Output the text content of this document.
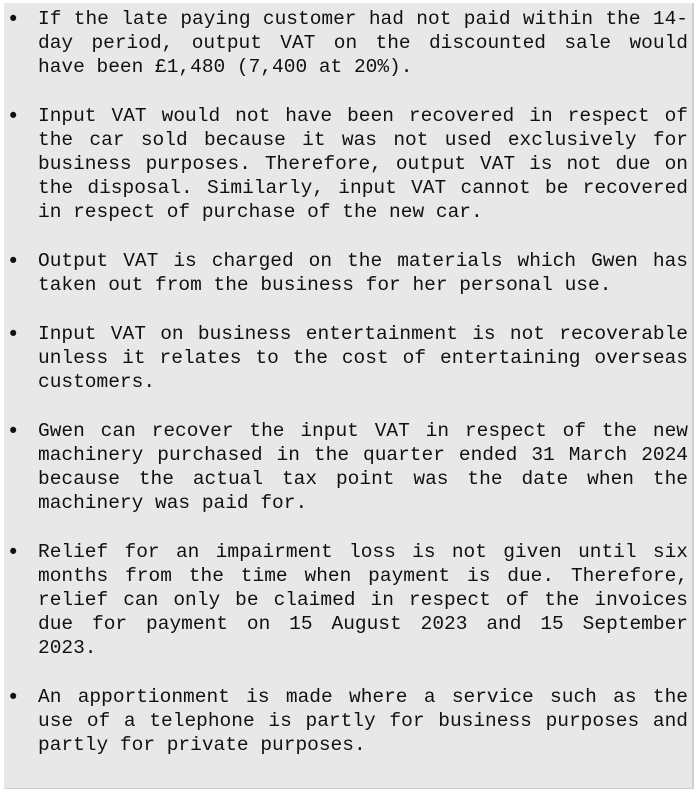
• If the late paying customer had not paid within the 14-day period, output VAT on the discounted sale would have been £1,480 (7,400 at 20%).
• Input VAT would not have been recovered in respect of the car sold because it was not used exclusively for business purposes. Therefore, output VAT is not due on the disposal. Similarly, input VAT cannot be recovered in respect of purchase of the new car.
• Output VAT is charged on the materials which Gwen has taken out from the business for her personal use.
• Input VAT on business entertainment is not recoverable unless it relates to the cost of entertaining overseas customers.
• Gwen can recover the input VAT in respect of the new machinery purchased in the quarter ended 31 March 2024 because the actual tax point was the date when the machinery was paid for.
• Relief for an impairment loss is not given until six months from the time when payment is due. Therefore, relief can only be claimed in respect of the invoices due for payment on 15 August 2023 and 15 September 2023.
• An apportionment is made where a service such as the use of a telephone is partly for business purposes and partly for private purposes.
